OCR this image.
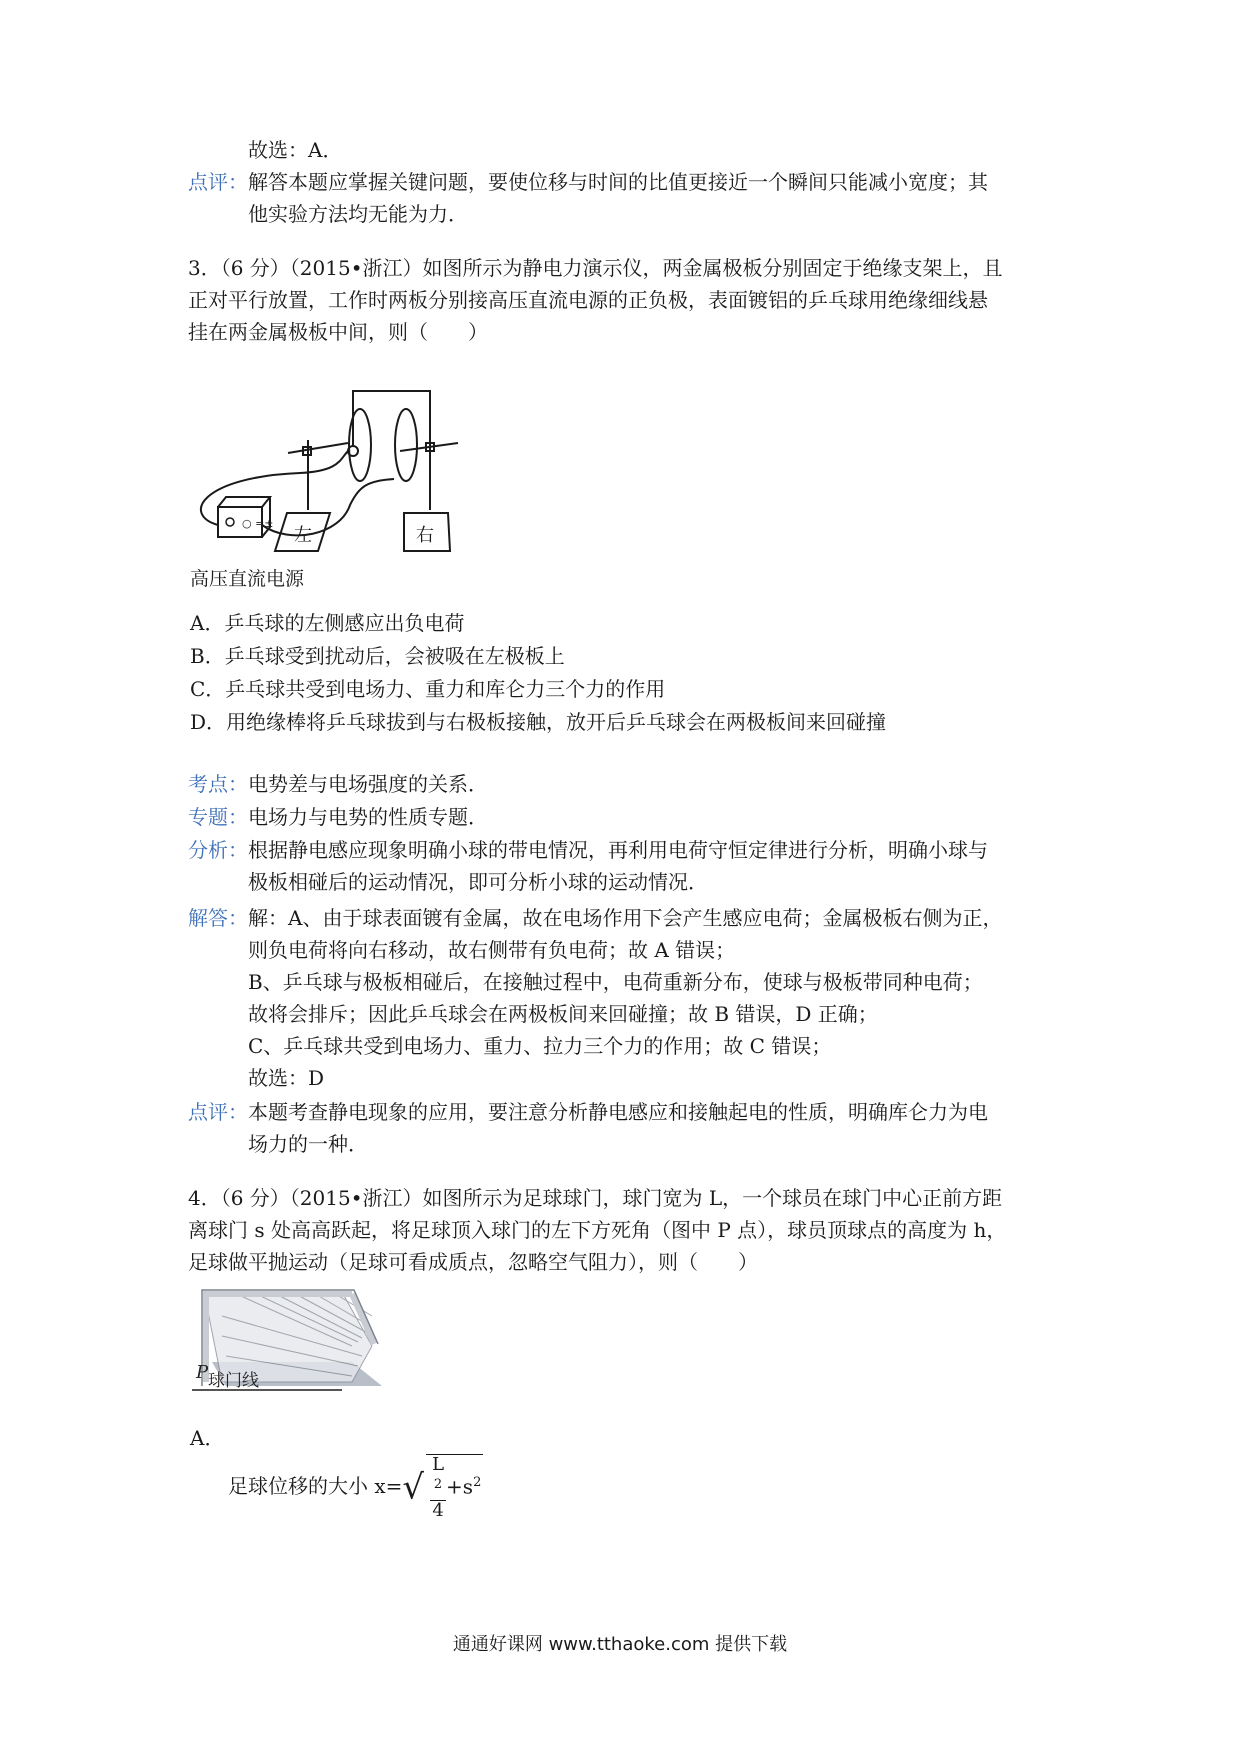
故选：A．
点评：解答本题应掌握关键问题，要使位移与时间的比值更接近一个瞬间只能减小宽度；其
他实验方法均无能为力．
3．（6 分）（2015•浙江）如图所示为静电力演示仪，两金属极板分别固定于绝缘支架上，且
正对平行放置，工作时两板分别接高压直流电源的正负极，表面镀铝的乒乓球用绝缘细线悬
挂在两金属极板中间，则（　　）
○ =±
左	右
高压直流电源
A．乒乓球的左侧感应出负电荷
B．乒乓球受到扰动后，会被吸在左极板上
C．乒乓球共受到电场力、重力和库仑力三个力的作用
D．用绝缘棒将乒乓球拔到与右极板接触，放开后乒乓球会在两极板间来回碰撞
考点：电势差与电场强度的关系．
专题：电场力与电势的性质专题．
分析：根据静电感应现象明确小球的带电情况，再利用电荷守恒定律进行分析，明确小球与
极板相碰后的运动情况，即可分析小球的运动情况．
解答：解：A、由于球表面镀有金属，故在电场作用下会产生感应电荷；金属极板右侧为正，
则负电荷将向右移动，故右侧带有负电荷；故 A 错误；
B、乒乓球与极板相碰后，在接触过程中，电荷重新分布，使球与极板带同种电荷；
故将会排斥；因此乒乓球会在两极板间来回碰撞；故 B 错误，D 正确；
C、乒乓球共受到电场力、重力、拉力三个力的作用；故 C 错误；
故选：D
点评：本题考查静电现象的应用，要注意分析静电感应和接触起电的性质，明确库仑力为电
场力的一种．
4．（6 分）（2015•浙江）如图所示为足球球门，球门宽为 L，一个球员在球门中心正前方距
离球门 s 处高高跃起，将足球顶入球门的左下方死角（图中 P 点），球员顶球点的高度为 h，
足球做平抛运动（足球可看成质点，忽略空气阻力），则（　　）
P 球门线
A．
足球位移的大小 x=√ L
$^2$
$4 +s^2$
通通好课网 www.tthaoke.com 提供下载
